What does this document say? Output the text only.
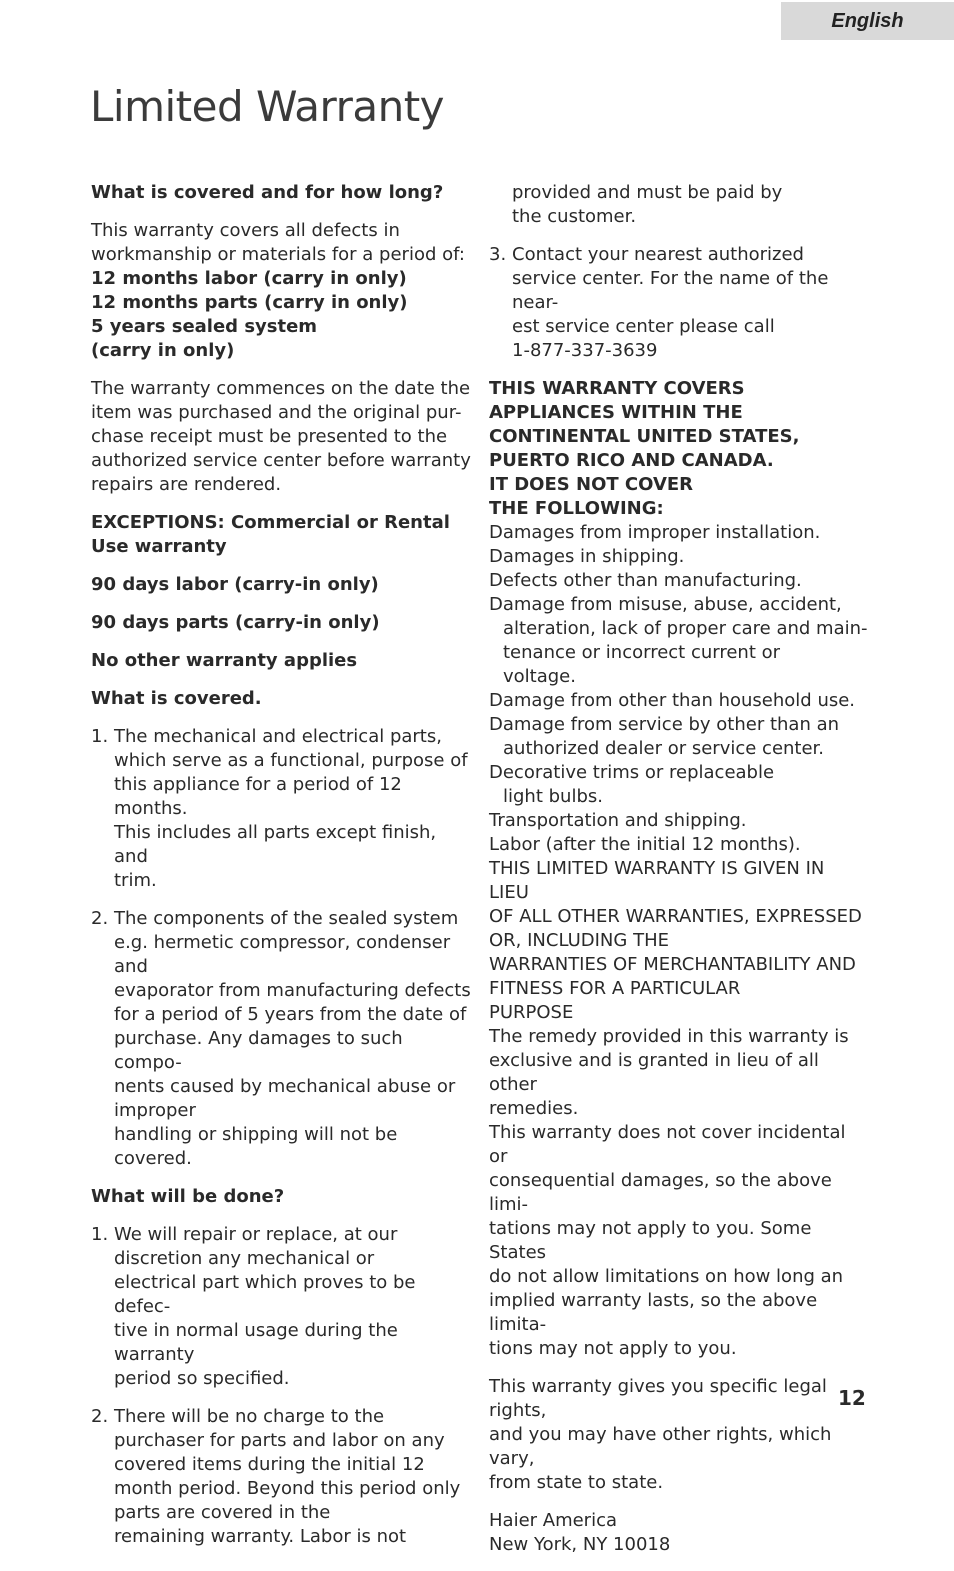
English
Limited Warranty

What is covered and for how long?

This warranty covers all defects in
workmanship or materials for a period of:
12 months labor (carry in only)
12 months parts (carry in only)
5 years sealed system
(carry in only)

The warranty commences on the date the
item was purchased and the original pur-
chase receipt must be presented to the
authorized service center before warranty
repairs are rendered.

EXCEPTIONS: Commercial or Rental
Use warranty

90 days labor (carry-in only)

90 days parts (carry-in only)

No other warranty applies

What is covered.

1. The mechanical and electrical parts,
which serve as a functional, purpose of
this appliance for a period of 12 months.
This includes all parts except finish, and
trim.
2. The components of the sealed system
e.g. hermetic compressor, condenser and
evaporator from manufacturing defects
for a period of 5 years from the date of
purchase. Any damages to such compo-
nents caused by mechanical abuse or
improper
handling or shipping will not be
covered.

What will be done?

1. We will repair or replace, at our
discretion any mechanical or
electrical part which proves to be defec-
tive in normal usage during the warranty
period so specified.
2. There will be no charge to the
purchaser for parts and labor on any
covered items during the initial 12
month period. Beyond this period only
parts are covered in the
remaining warranty. Labor is not

provided and must be paid by
the customer.

3. Contact your nearest authorized
service center. For the name of the near-
est service center please call
1-877-337-3639
THIS WARRANTY COVERS
APPLIANCES WITHIN THE
CONTINENTAL UNITED STATES,
PUERTO RICO AND CANADA.
IT DOES NOT COVER
THE FOLLOWING:
Damages from improper installation.
Damages in shipping.
Defects other than manufacturing.
Damage from misuse, abuse, accident,
alteration, lack of proper care and main-
tenance or incorrect current or
voltage.
Damage from other than household use.
Damage from service by other than an
authorized dealer or service center.
Decorative trims or replaceable
light bulbs.
Transportation and shipping.
Labor (after the initial 12 months).

THIS LIMITED WARRANTY IS GIVEN IN LIEU
OF ALL OTHER WARRANTIES, EXPRESSED
OR, INCLUDING THE
WARRANTIES OF MERCHANTABILITY AND
FITNESS FOR A PARTICULAR
PURPOSE
The remedy provided in this warranty is
exclusive and is granted in lieu of all other
remedies.
This warranty does not cover incidental or
consequential damages, so the above limi-
tations may not apply to you. Some States
do not allow limitations on how long an
implied warranty lasts, so the above limita-
tions may not apply to you.

This warranty gives you specific legal rights,
and you may have other rights, which vary,
from state to state.

Haier America
New York, NY 10018

12
